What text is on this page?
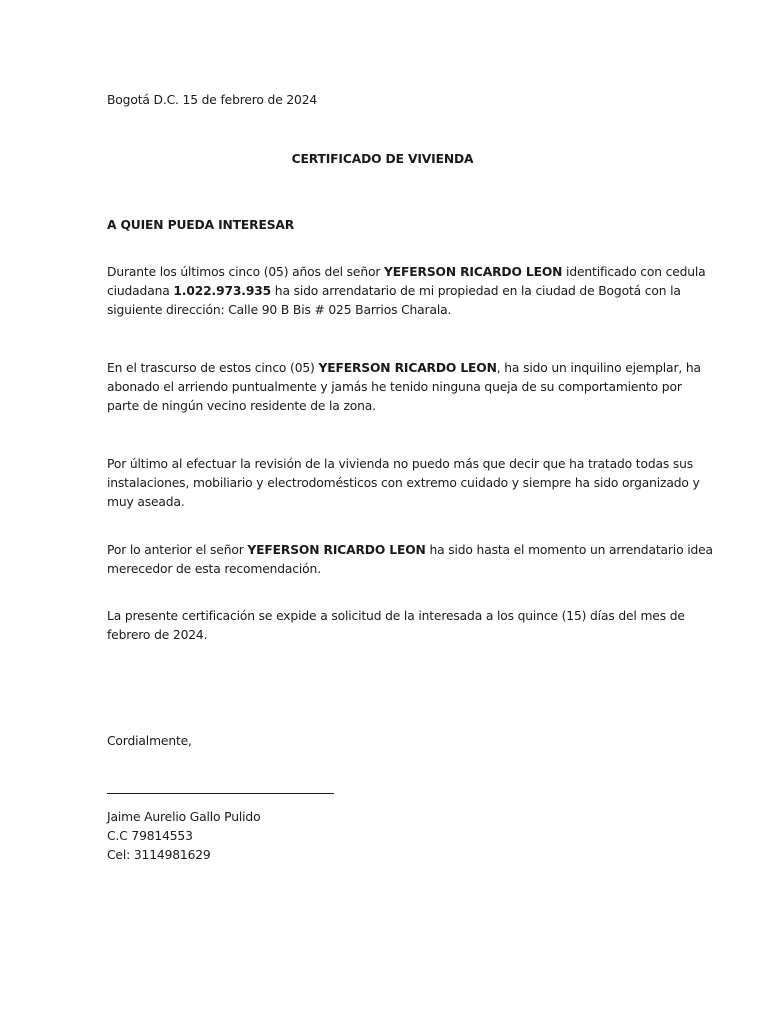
Bogotá D.C. 15 de febrero de 2024
CERTIFICADO DE VIVIENDA
A QUIEN PUEDA INTERESAR
Durante los últimos cinco (05) años del señor YEFERSON RICARDO LEON identificado con cedula
ciudadana 1.022.973.935 ha sido arrendatario de mi propiedad en la ciudad de Bogotá con la
siguiente dirección: Calle 90 B Bis # 025 Barrios Charala.
En el trascurso de estos cinco (05) YEFERSON RICARDO LEON, ha sido un inquilino ejemplar, ha
abonado el arriendo puntualmente y jamás he tenido ninguna queja de su comportamiento por
parte de ningún vecino residente de la zona.
Por último al efectuar la revisión de la vivienda no puedo más que decir que ha tratado todas sus
instalaciones, mobiliario y electrodomésticos con extremo cuidado y siempre ha sido organizado y
muy aseada.
Por lo anterior el señor YEFERSON RICARDO LEON ha sido hasta el momento un arrendatario idea
merecedor de esta recomendación.
La presente certificación se expide a solicitud de la interesada a los quince (15) días del mes de
febrero de 2024.
Cordialmente,
Jaime Aurelio Gallo Pulido
C.C 79814553
Cel: 3114981629
